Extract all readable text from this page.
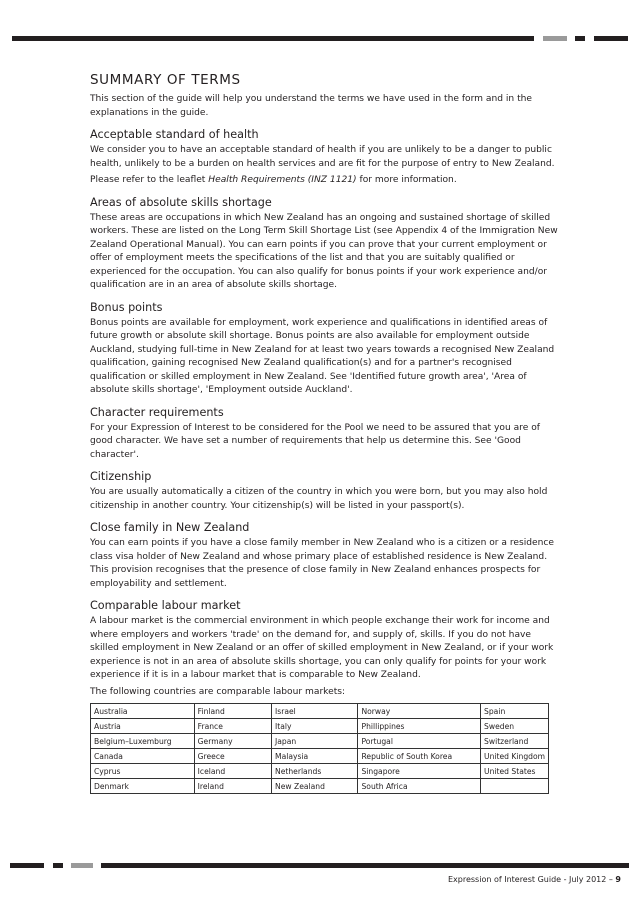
SUMMARY OF TERMS

This section of the guide will help you understand the terms we have used in the form and in the explanations in the guide.

Acceptable standard of health

We consider you to have an acceptable standard of health if you are unlikely to be a danger to public health, unlikely to be a burden on health services and are fit for the purpose of entry to New Zealand.

Please refer to the leaflet Health Requirements (INZ 1121) for more information.

Areas of absolute skills shortage

These areas are occupations in which New Zealand has an ongoing and sustained shortage of skilled workers. These are listed on the Long Term Skill Shortage List (see Appendix 4 of the Immigration New Zealand Operational Manual). You can earn points if you can prove that your current employment or offer of employment meets the specifications of the list and that you are suitably qualified or experienced for the occupation. You can also qualify for bonus points if your work experience and/or qualification are in an area of absolute skills shortage.

Bonus points

Bonus points are available for employment, work experience and qualifications in identified areas of future growth or absolute skill shortage. Bonus points are also available for employment outside Auckland, studying full-time in New Zealand for at least two years towards a recognised New Zealand qualification, gaining recognised New Zealand qualification(s) and for a partner's recognised qualification or skilled employment in New Zealand. See 'Identified future growth area', 'Area of absolute skills shortage', 'Employment outside Auckland'.

Character requirements

For your Expression of Interest to be considered for the Pool we need to be assured that you are of good character. We have set a number of requirements that help us determine this. See 'Good character'.

Citizenship

You are usually automatically a citizen of the country in which you were born, but you may also hold citizenship in another country. Your citizenship(s) will be listed in your passport(s).

Close family in New Zealand

You can earn points if you have a close family member in New Zealand who is a citizen or a residence class visa holder of New Zealand and whose primary place of established residence is New Zealand. This provision recognises that the presence of close family in New Zealand enhances prospects for employability and settlement.

Comparable labour market

A labour market is the commercial environment in which people exchange their work for income and where employers and workers 'trade' on the demand for, and supply of, skills. If you do not have skilled employment in New Zealand or an offer of skilled employment in New Zealand, or if your work experience is not in an area of absolute skills shortage, you can only qualify for points for your work experience if it is in a labour market that is comparable to New Zealand.

The following countries are comparable labour markets:

Australia	Finland	Israel	Norway	Spain
Austria	France	Italy	Phillippines	Sweden
Belgium–Luxemburg	Germany	Japan	Portugal	Switzerland
Canada	Greece	Malaysia	Republic of South Korea	United Kingdom
Cyprus	Iceland	Netherlands	Singapore	United States
Denmark	Ireland	New Zealand	South Africa	
Expression of Interest Guide - July 2012 – 9
